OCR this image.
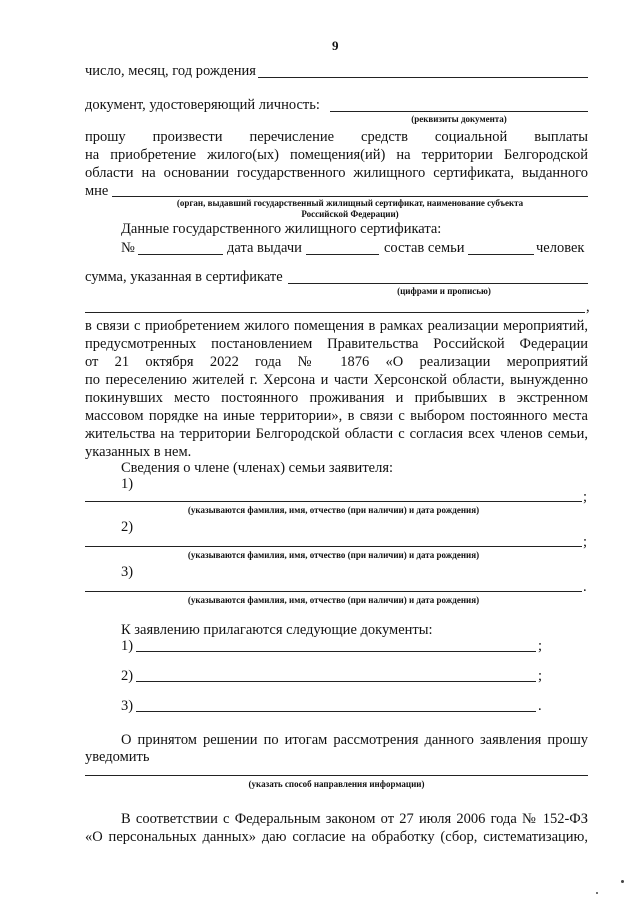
9
число, месяц, год рождения
документ, удостоверяющий личность:
(реквизиты документа)
прошу произвести перечисление средств социальной выплаты
на приобретение жилого(ых) помещения(ий) на территории Белгородской
области на основании государственного жилищного сертификата, выданного
мне
(орган, выдавший государственный жилищный сертификат, наименование субъекта
Российской Федерации)
Данные государственного жилищного сертификата:
№	дата выдачи	состав семьи	человек
сумма, указанная в сертификате
(цифрами и прописью)
,
в связи с приобретением жилого помещения в рамках реализации мероприятий,
предусмотренных постановлением Правительства Российской Федерации
от 21 октября 2022 года № 1876 «О реализации мероприятий
по переселению жителей г. Херсона и части Херсонской области, вынужденно
покинувших место постоянного проживания и прибывших в экстренном
массовом порядке на иные территории», в связи с выбором постоянного места
жительства на территории Белгородской области с согласия всех членов семьи,
указанных в нем.
Сведения о члене (членах) семьи заявителя:
1)
;
(указываются фамилия, имя, отчество (при наличии) и дата рождения)
2)
;
(указываются фамилия, имя, отчество (при наличии) и дата рождения)
3)
.
(указываются фамилия, имя, отчество (при наличии) и дата рождения)
К заявлению прилагаются следующие документы:
1)	;
2)	;
3)	.
О принятом решении по итогам рассмотрения данного заявления прошу
уведомить
(указать способ направления информации)
В соответствии с Федеральным законом от 27 июля 2006 года № 152-ФЗ
«О персональных данных» даю согласие на обработку (сбор, систематизацию,
